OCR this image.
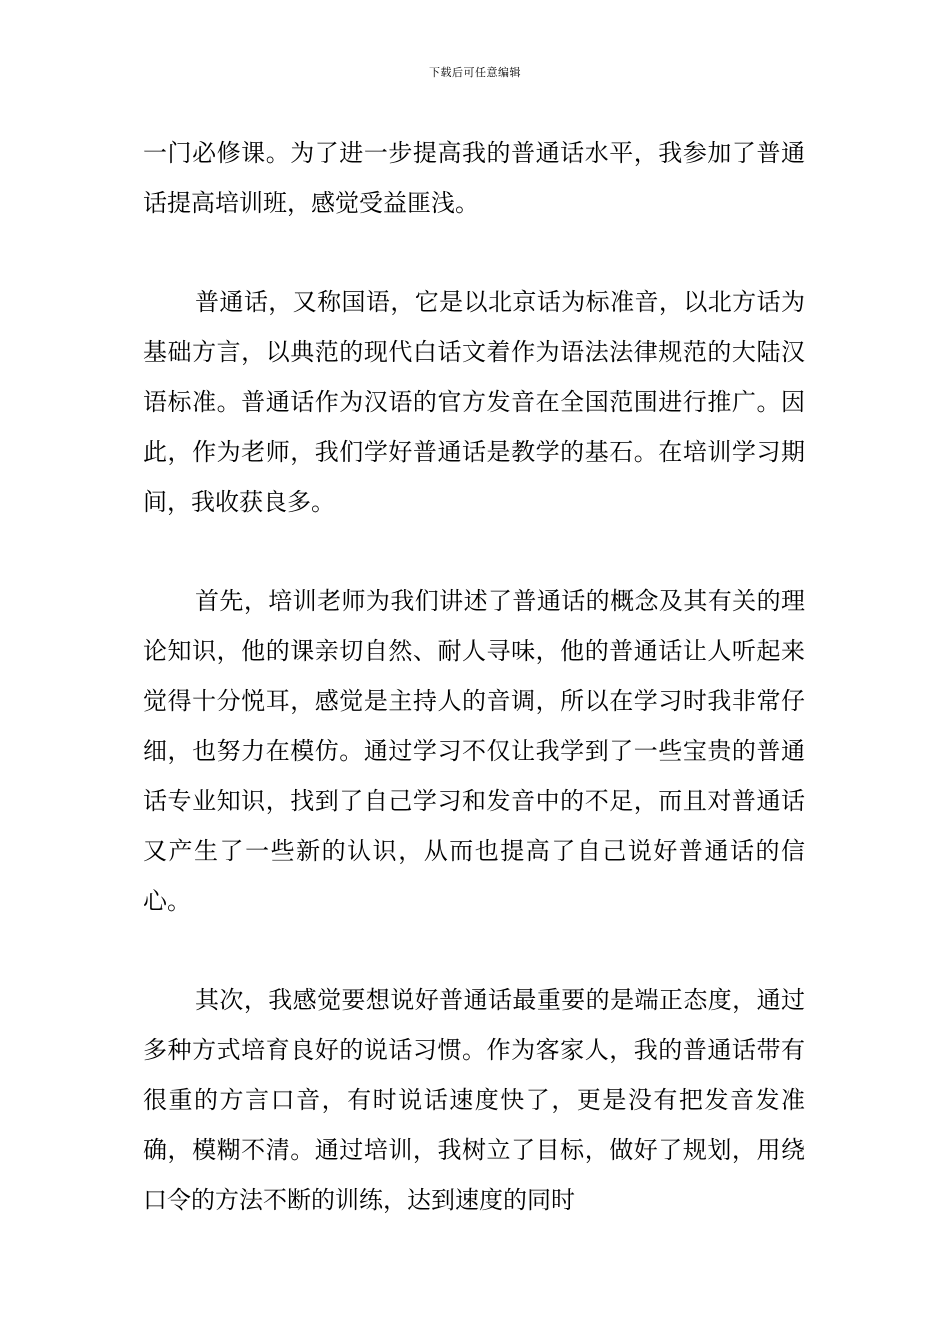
下载后可任意编辑

一门必修课。为了进一步提高我的普通话水平，我参加了普通话提高培训班，感觉受益匪浅。

普通话，又称国语，它是以北京话为标准音，以北方话为基础方言，以典范的现代白话文着作为语法法律规范的大陆汉语标准。普通话作为汉语的官方发音在全国范围进行推广。因此，作为老师，我们学好普通话是教学的基石。在培训学习期间，我收获良多。

首先，培训老师为我们讲述了普通话的概念及其有关的理论知识，他的课亲切自然、耐人寻味，他的普通话让人听起来觉得十分悦耳，感觉是主持人的音调，所以在学习时我非常仔细，也努力在模仿。通过学习不仅让我学到了一些宝贵的普通话专业知识，找到了自己学习和发音中的不足，而且对普通话又产生了一些新的认识，从而也提高了自己说好普通话的信心。

其次，我感觉要想说好普通话最重要的是端正态度，通过多种方式培育良好的说话习惯。作为客家人，我的普通话带有很重的方言口音，有时说话速度快了，更是没有把发音发准确，模糊不清。通过培训，我树立了目标，做好了规划，用绕口令的方法不断的训练，达到速度的同时
